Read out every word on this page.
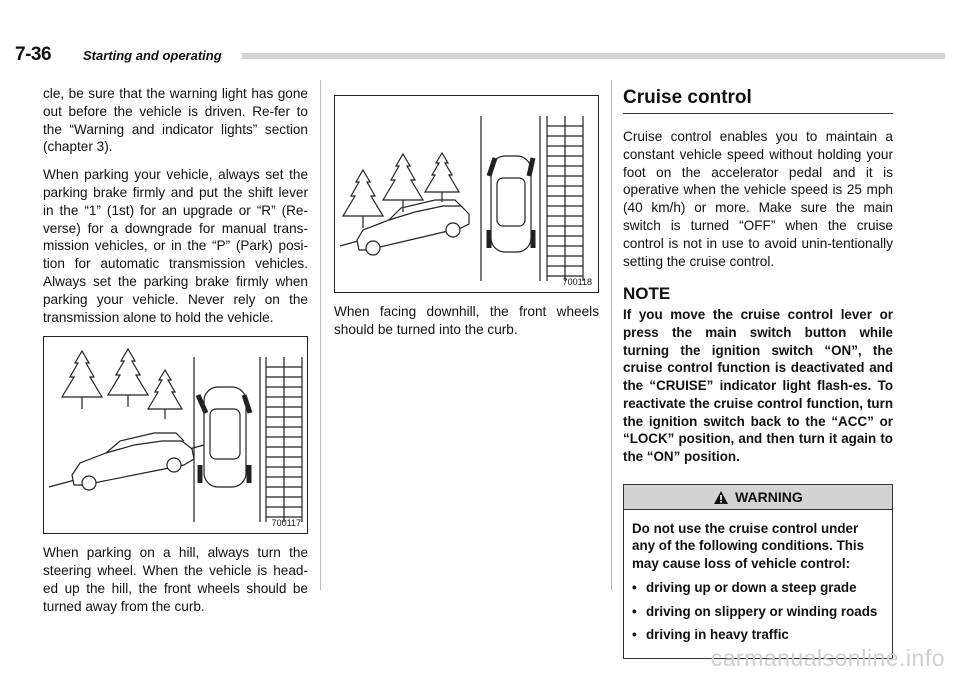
7-36 Starting and operating

cle, be sure that the warning light has gone out before the vehicle is driven. Re-fer to the “Warning and indicator lights” section (chapter 3).

When parking your vehicle, always set the parking brake firmly and put the shift lever in the “1” (1st) for an upgrade or “R” (Re-verse) for a downgrade for manual trans-mission vehicles, or in the “P” (Park) posi-tion for automatic transmission vehicles. Always set the parking brake firmly when parking your vehicle. Never rely on the transmission alone to hold the vehicle.

700117

When parking on a hill, always turn the steering wheel. When the vehicle is head-ed up the hill, the front wheels should be turned away from the curb.

700118

When facing downhill, the front wheels should be turned into the curb.

Cruise control

Cruise control enables you to maintain a constant vehicle speed without holding your foot on the accelerator pedal and it is operative when the vehicle speed is 25 mph (40 km/h) or more. Make sure the main switch is turned “OFF” when the cruise control is not in use to avoid unin-tentionally setting the cruise control.

NOTE

If you move the cruise control lever or press the main switch button while turning the ignition switch “ON”, the cruise control function is deactivated and the “CRUISE” indicator light flash-es. To reactivate the cruise control function, turn the ignition switch back to the “ACC” or “LOCK” position, and then turn it again to the “ON” position.

WARNING

Do not use the cruise control under any of the following conditions. This may cause loss of vehicle control:

• driving up or down a steep grade
• driving on slippery or winding roads
• driving in heavy traffic
carmanualsonline.info
